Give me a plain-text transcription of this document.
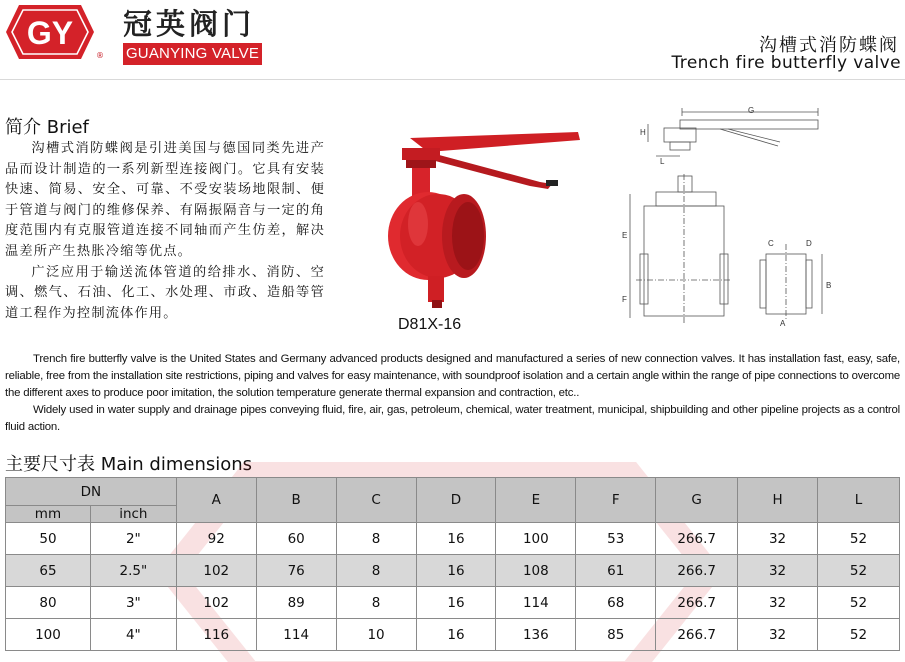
GY
®
冠英阀门
GUANYING VALVE	沟槽式消防蝶阀
Trench fire butterfly valve
简介 Brief

沟槽式消防蝶阀是引进美国与德国同类先进产品而设计制造的一系列新型连接阀门。它具有安装快速、简易、安全、可靠、不受安装场地限制、便于管道与阀门的维修保养、有隔振隔音与一定的角度范围内有克服管道连接不同轴而产生仿差，解决温差所产生热胀冷缩等优点。

广泛应用于输送流体管道的给排水、消防、空调、燃气、石油、化工、水处理、市政、造船等管道工程作为控制流体作用。

D81X-16
G
H
L
E
F
C	D
B
A

Trench fire butterfly valve is the United States and Germany advanced products designed and manufactured a series of new connection valves. It has installation fast, easy, safe, reliable, free from the installation site restrictions, piping and valves for easy maintenance, with soundproof isolation and a certain angle within the range of pipe connections to overcome the different axes to produce poor imitation, the solution temperature generate thermal expansion and contraction, etc..

Widely used in water supply and drainage pipes conveying fluid, fire, air, gas, petroleum, chemical, water treatment, municipal, shipbuilding and other pipeline projects as a control fluid action.

主要尺寸表 Main dimensions
DN		A	B	C	D	E	F	G	H	L
mm	inch									
50	2"	92	60	8	16	100	53	266.7	32	52
65	2.5"	102	76	8	16	108	61	266.7	32	52
80	3"	102	89	8	16	114	68	266.7	32	52
100	4"	116	114	10	16	136	85	266.7	32	52
